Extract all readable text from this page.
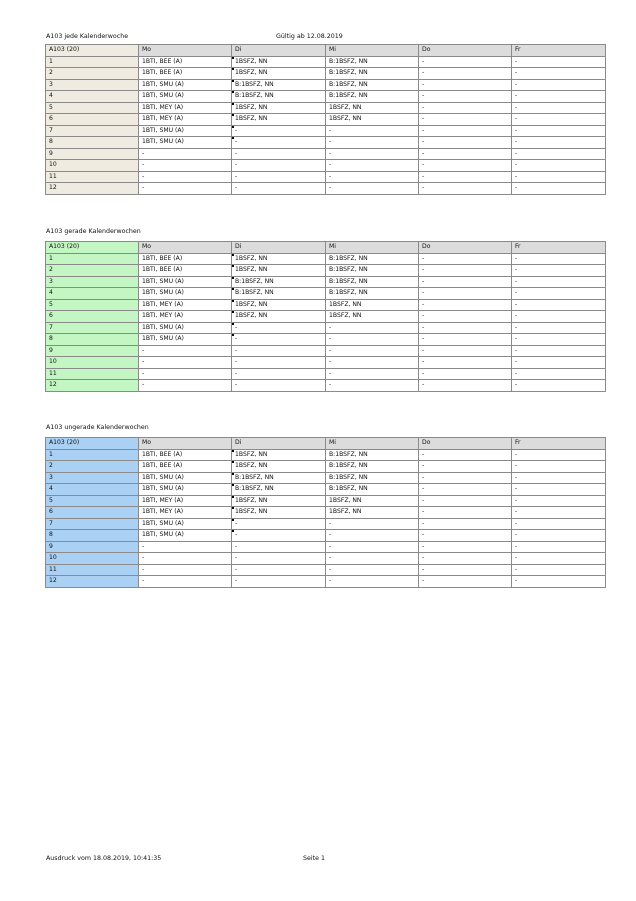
A103 jede Kalenderwoche	Gültig ab 12.08.2019
A103 gerade Kalenderwochen
A103 ungerade Kalenderwochen
A103 (20)	Mo	Di	Mi	Do	Fr
1	1BTI, BEE (A)	1BSFZ, NN	B:1BSFZ, NN	-	-
2	1BTI, BEE (A)	1BSFZ, NN	B:1BSFZ, NN	-	-
3	1BTI, SMU (A)	B:1BSFZ, NN	B:1BSFZ, NN	-	-
4	1BTI, SMU (A)	B:1BSFZ, NN	B:1BSFZ, NN	-	-
5	1BTI, MEY (A)	1BSFZ, NN	1BSFZ, NN	-	-
6	1BTI, MEY (A)	1BSFZ, NN	1BSFZ, NN	-	-
7	1BTI, SMU (A)	-	-	-	-
8	1BTI, SMU (A)	-	-	-	-
9	-	-	-	-	-
10	-	-	-	-	-
11	-	-	-	-	-
12	-	-	-	-	-
A103 (20)	Mo	Di	Mi	Do	Fr
1	1BTI, BEE (A)	1BSFZ, NN	B:1BSFZ, NN	-	-
2	1BTI, BEE (A)	1BSFZ, NN	B:1BSFZ, NN	-	-
3	1BTI, SMU (A)	B:1BSFZ, NN	B:1BSFZ, NN	-	-
4	1BTI, SMU (A)	B:1BSFZ, NN	B:1BSFZ, NN	-	-
5	1BTI, MEY (A)	1BSFZ, NN	1BSFZ, NN	-	-
6	1BTI, MEY (A)	1BSFZ, NN	1BSFZ, NN	-	-
7	1BTI, SMU (A)	-	-	-	-
8	1BTI, SMU (A)	-	-	-	-
9	-	-	-	-	-
10	-	-	-	-	-
11	-	-	-	-	-
12	-	-	-	-	-
A103 (20)	Mo	Di	Mi	Do	Fr
1	1BTI, BEE (A)	1BSFZ, NN	B:1BSFZ, NN	-	-
2	1BTI, BEE (A)	1BSFZ, NN	B:1BSFZ, NN	-	-
3	1BTI, SMU (A)	B:1BSFZ, NN	B:1BSFZ, NN	-	-
4	1BTI, SMU (A)	B:1BSFZ, NN	B:1BSFZ, NN	-	-
5	1BTI, MEY (A)	1BSFZ, NN	1BSFZ, NN	-	-
6	1BTI, MEY (A)	1BSFZ, NN	1BSFZ, NN	-	-
7	1BTI, SMU (A)	-	-	-	-
8	1BTI, SMU (A)	-	-	-	-
9	-	-	-	-	-
10	-	-	-	-	-
11	-	-	-	-	-
12	-	-	-	-	-
Ausdruck vom 18.08.2019, 10:41:35	Seite 1
